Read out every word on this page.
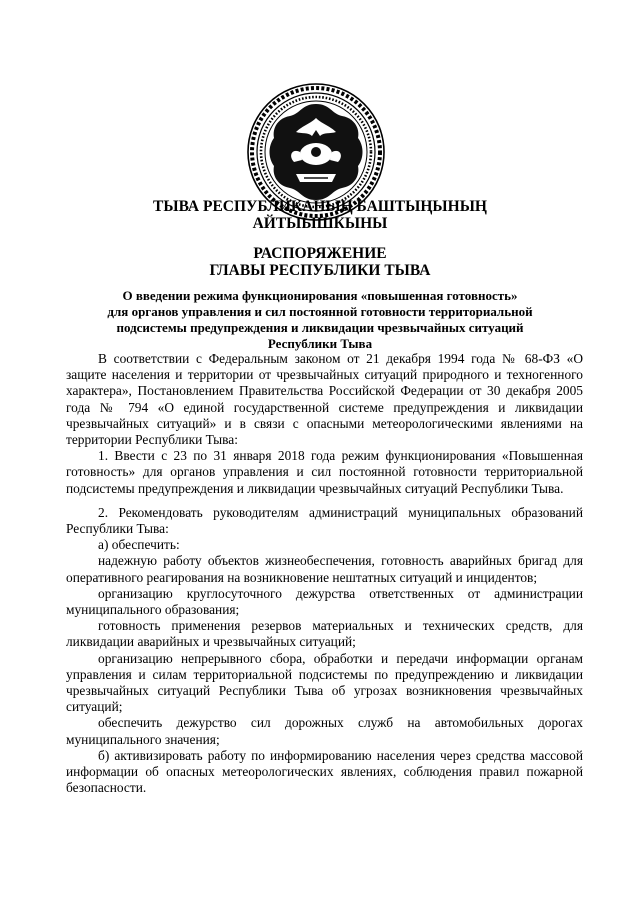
ТЫВА РЕСПУБЛИКАНЫҢ БАШТЫҢЫНЫҢ
АЙТЫЫШКЫНЫ
РАСПОРЯЖЕНИЕ
ГЛАВЫ РЕСПУБЛИКИ ТЫВА
О введении режима функционирования «повышенная готовность»
для органов управления и сил постоянной готовности территориальной
подсистемы предупреждения и ликвидации чрезвычайных ситуаций
Республики Тыва

В соответствии с Федеральным законом от 21 декабря 1994 года № 68-ФЗ «О защите населения и территории от чрезвычайных ситуаций природного и техногенного характера», Постановлением Правительства Российской Федерации от 30 декабря 2005 года № 794 «О единой государственной системе предупреждения и ликвидации чрезвычайных ситуаций» и в связи с опасными метеорологическими явлениями на территории Республики Тыва:

1. Ввести с 23 по 31 января 2018 года режим функционирования «Повышенная готовность» для органов управления и сил постоянной готовности территориальной подсистемы предупреждения и ликвидации чрезвычайных ситуаций Республики Тыва.

2. Рекомендовать руководителям администраций муниципальных образований Республики Тыва:

а) обеспечить:

надежную работу объектов жизнеобеспечения, готовность аварийных бригад для оперативного реагирования на возникновение нештатных ситуаций и инцидентов;

организацию круглосуточного дежурства ответственных от администрации муниципального образования;

готовность применения резервов материальных и технических средств, для ликвидации аварийных и чрезвычайных ситуаций;

организацию непрерывного сбора, обработки и передачи информации органам управления и силам территориальной подсистемы по предупреждению и ликвидации чрезвычайных ситуаций Республики Тыва об угрозах возникновения чрезвычайных ситуаций;

обеспечить дежурство сил дорожных служб на автомобильных дорогах муниципального значения;

б) активизировать работу по информированию населения через средства массовой информации об опасных метеорологических явлениях, соблюдения правил пожарной безопасности.
